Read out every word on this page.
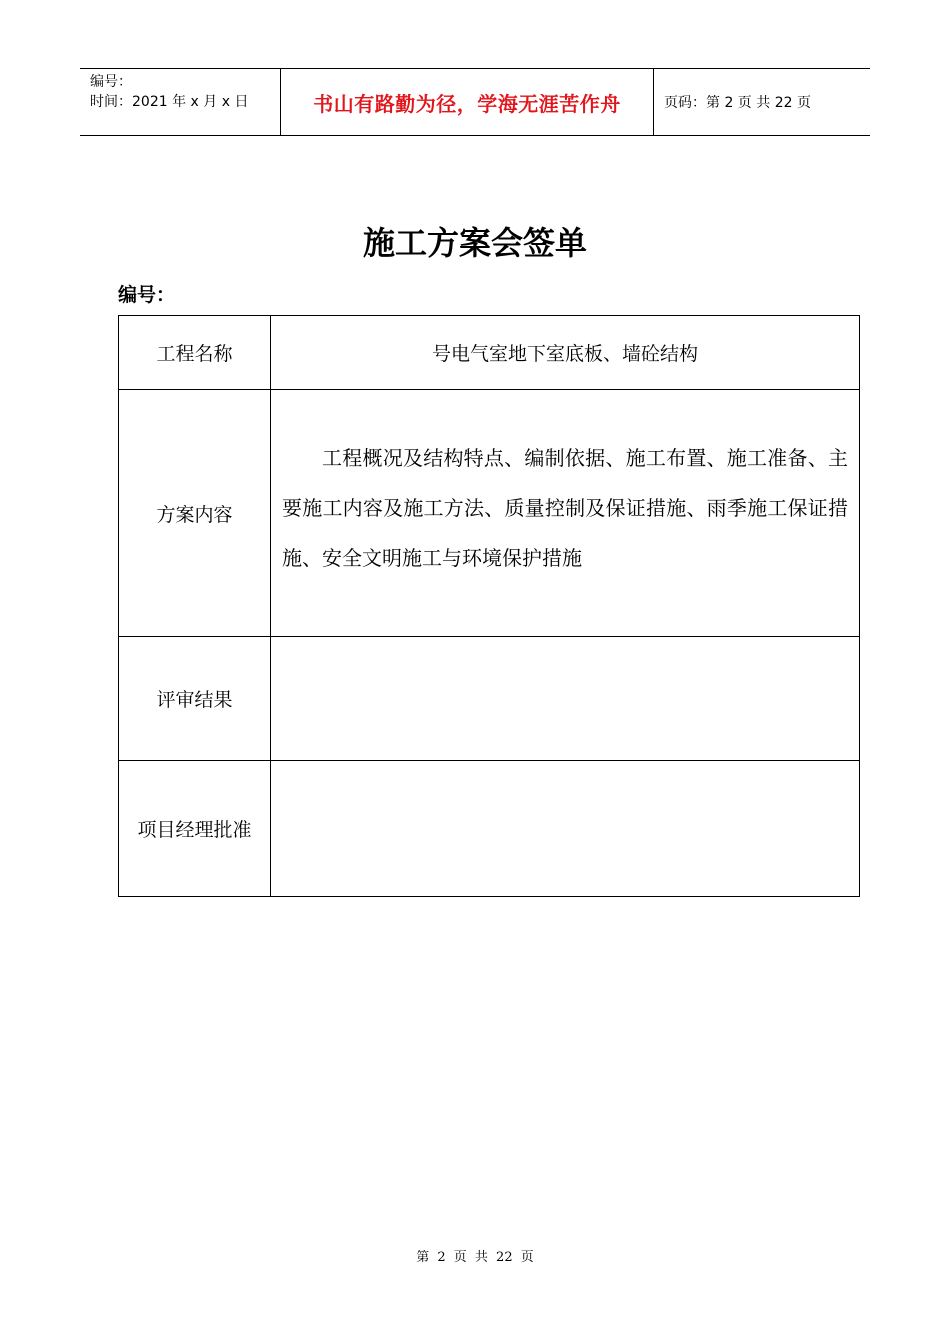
编号：
时间：2021 年 x 月 x 日	书山有路勤为径，学海无涯苦作舟	页码：第 2 页 共 22 页
施工方案会签单
编号：
工程名称	号电气室地下室底板、墙砼结构
方案内容	工程概况及结构特点、编制依据、施工布置、施工准备、主要施工内容及施工方法、质量控制及保证措施、雨季施工保证措施、安全文明施工与环境保护措施

评审结果	
项目经理批准	
第 2 页 共 22 页
